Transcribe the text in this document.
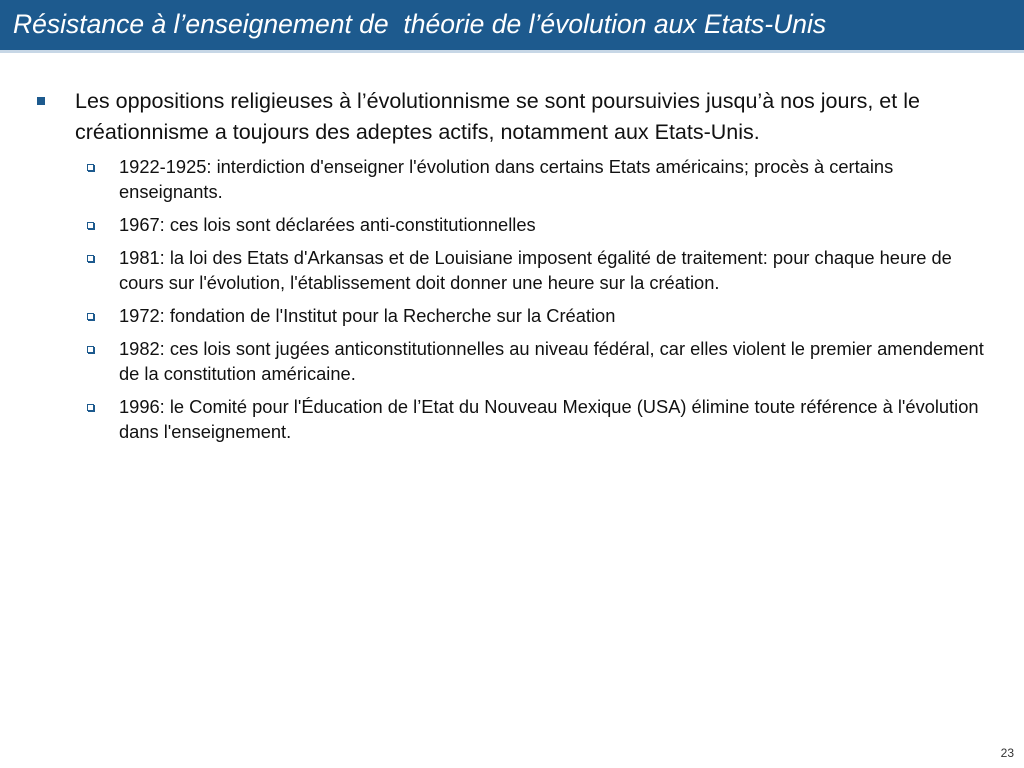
Résistance à l’enseignement de  théorie de l’évolution aux Etats-Unis
Les oppositions religieuses à l’évolutionnisme se sont poursuivies jusqu’à nos jours, et le créationnisme a toujours des adeptes actifs, notamment aux Etats-Unis.
1922-1925: interdiction d'enseigner l'évolution dans certains Etats américains; procès à certains enseignants.
1967: ces lois sont déclarées anti-constitutionnelles
1981: la loi des Etats d'Arkansas et de Louisiane imposent égalité de traitement: pour chaque heure de cours sur l'évolution, l'établissement doit donner une heure sur la création.
1972: fondation de l'Institut pour la Recherche sur la Création
1982: ces lois sont jugées anticonstitutionnelles au niveau fédéral, car elles violent le premier amendement de la constitution américaine.
1996: le Comité pour l'Éducation de l’Etat du Nouveau Mexique (USA) élimine toute référence à l'évolution dans l'enseignement.
23
